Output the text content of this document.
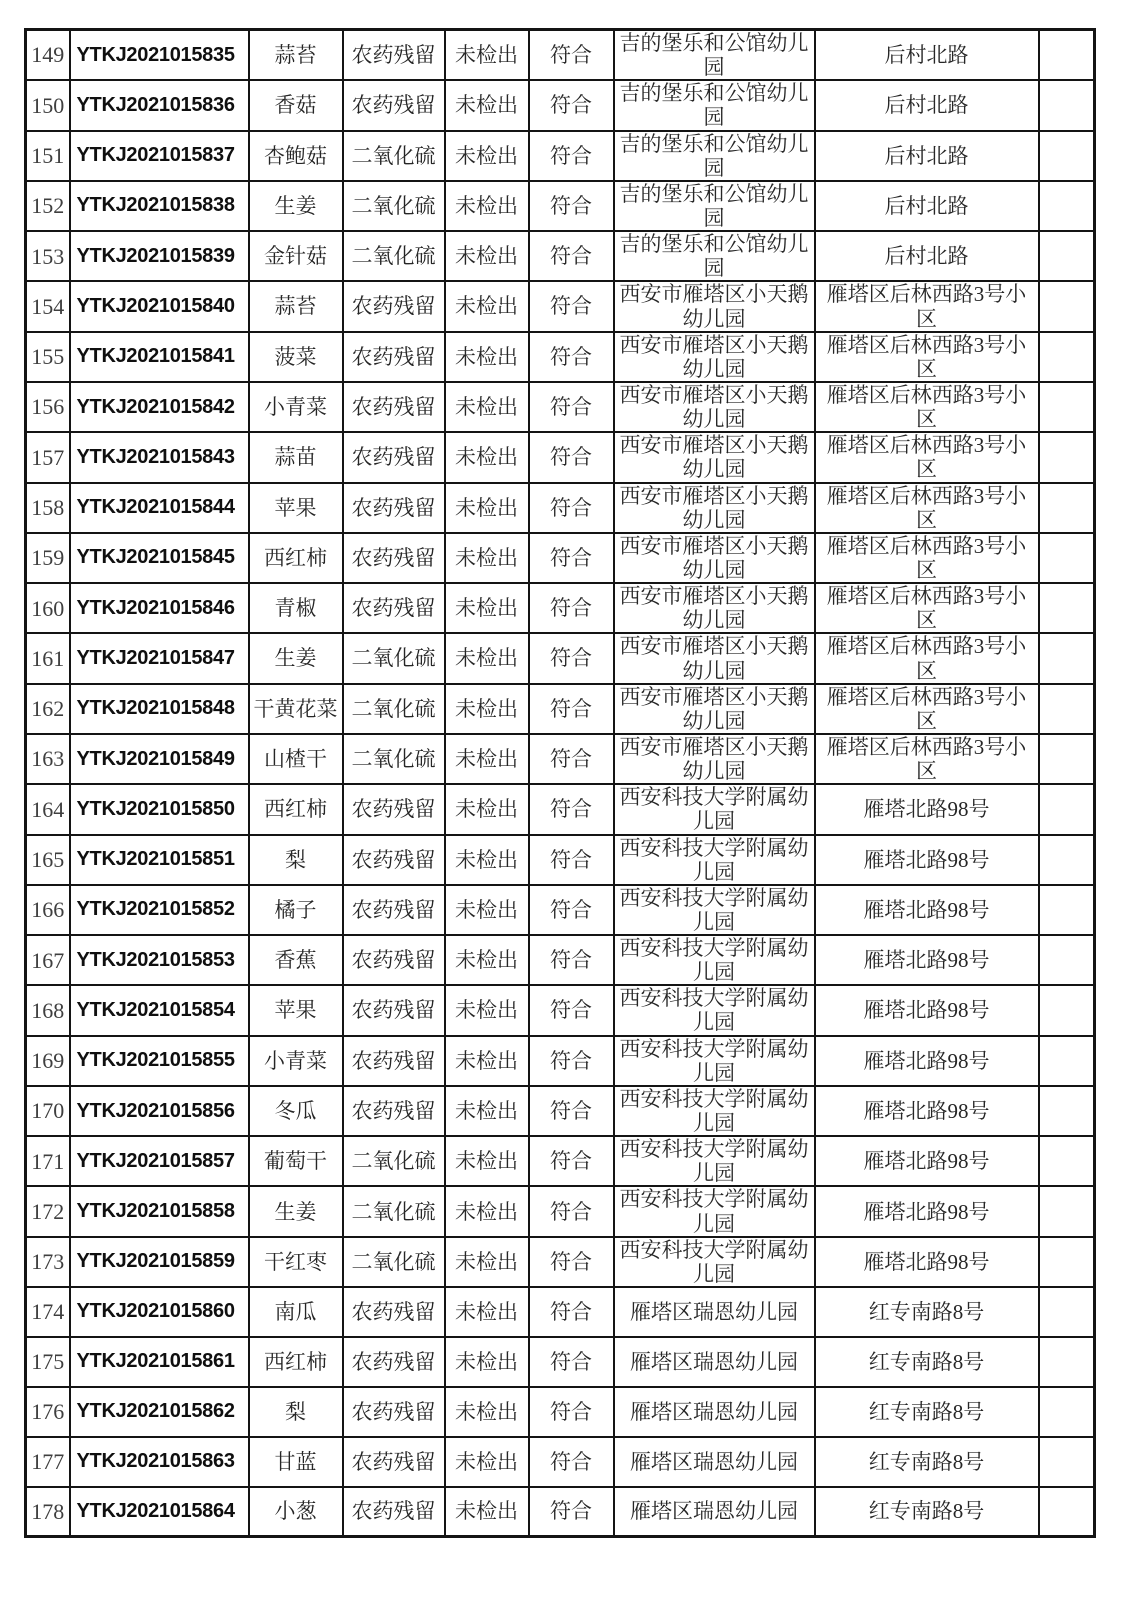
149	YTKJ2021015835	蒜苔	农药残留	未检出	符合	吉的堡乐和公馆幼儿园	后村北路	
150	YTKJ2021015836	香菇	农药残留	未检出	符合	吉的堡乐和公馆幼儿园	后村北路	
151	YTKJ2021015837	杏鲍菇	二氧化硫	未检出	符合	吉的堡乐和公馆幼儿园	后村北路	
152	YTKJ2021015838	生姜	二氧化硫	未检出	符合	吉的堡乐和公馆幼儿园	后村北路	
153	YTKJ2021015839	金针菇	二氧化硫	未检出	符合	吉的堡乐和公馆幼儿园	后村北路	
154	YTKJ2021015840	蒜苔	农药残留	未检出	符合	西安市雁塔区小天鹅幼儿园	雁塔区后林西路3号小区	
155	YTKJ2021015841	菠菜	农药残留	未检出	符合	西安市雁塔区小天鹅幼儿园	雁塔区后林西路3号小区	
156	YTKJ2021015842	小青菜	农药残留	未检出	符合	西安市雁塔区小天鹅幼儿园	雁塔区后林西路3号小区	
157	YTKJ2021015843	蒜苗	农药残留	未检出	符合	西安市雁塔区小天鹅幼儿园	雁塔区后林西路3号小区	
158	YTKJ2021015844	苹果	农药残留	未检出	符合	西安市雁塔区小天鹅幼儿园	雁塔区后林西路3号小区	
159	YTKJ2021015845	西红柿	农药残留	未检出	符合	西安市雁塔区小天鹅幼儿园	雁塔区后林西路3号小区	
160	YTKJ2021015846	青椒	农药残留	未检出	符合	西安市雁塔区小天鹅幼儿园	雁塔区后林西路3号小区	
161	YTKJ2021015847	生姜	二氧化硫	未检出	符合	西安市雁塔区小天鹅幼儿园	雁塔区后林西路3号小区	
162	YTKJ2021015848	干黄花菜	二氧化硫	未检出	符合	西安市雁塔区小天鹅幼儿园	雁塔区后林西路3号小区	
163	YTKJ2021015849	山楂干	二氧化硫	未检出	符合	西安市雁塔区小天鹅幼儿园	雁塔区后林西路3号小区	
164	YTKJ2021015850	西红柿	农药残留	未检出	符合	西安科技大学附属幼儿园	雁塔北路98号	
165	YTKJ2021015851	梨	农药残留	未检出	符合	西安科技大学附属幼儿园	雁塔北路98号	
166	YTKJ2021015852	橘子	农药残留	未检出	符合	西安科技大学附属幼儿园	雁塔北路98号	
167	YTKJ2021015853	香蕉	农药残留	未检出	符合	西安科技大学附属幼儿园	雁塔北路98号	
168	YTKJ2021015854	苹果	农药残留	未检出	符合	西安科技大学附属幼儿园	雁塔北路98号	
169	YTKJ2021015855	小青菜	农药残留	未检出	符合	西安科技大学附属幼儿园	雁塔北路98号	
170	YTKJ2021015856	冬瓜	农药残留	未检出	符合	西安科技大学附属幼儿园	雁塔北路98号	
171	YTKJ2021015857	葡萄干	二氧化硫	未检出	符合	西安科技大学附属幼儿园	雁塔北路98号	
172	YTKJ2021015858	生姜	二氧化硫	未检出	符合	西安科技大学附属幼儿园	雁塔北路98号	
173	YTKJ2021015859	干红枣	二氧化硫	未检出	符合	西安科技大学附属幼儿园	雁塔北路98号	
174	YTKJ2021015860	南瓜	农药残留	未检出	符合	雁塔区瑞恩幼儿园	红专南路8号	
175	YTKJ2021015861	西红柿	农药残留	未检出	符合	雁塔区瑞恩幼儿园	红专南路8号	
176	YTKJ2021015862	梨	农药残留	未检出	符合	雁塔区瑞恩幼儿园	红专南路8号	
177	YTKJ2021015863	甘蓝	农药残留	未检出	符合	雁塔区瑞恩幼儿园	红专南路8号	
178	YTKJ2021015864	小葱	农药残留	未检出	符合	雁塔区瑞恩幼儿园	红专南路8号	
